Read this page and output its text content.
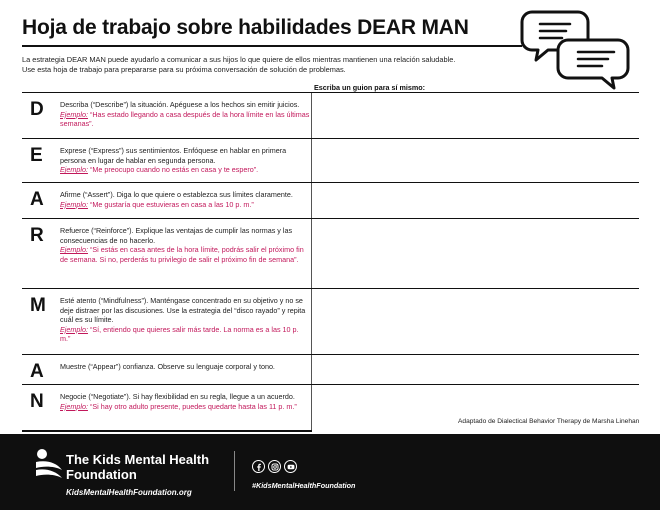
Hoja de trabajo sobre habilidades DEAR MAN
La estrategia DEAR MAN puede ayudarlo a comunicar a sus hijos lo que quiere de ellos mientras mantienen una relación saludable.
Use esta hoja de trabajo para prepararse para su próxima conversación de solución de problemas.
Escriba un guion para sí mismo:
D Describa (“Describe”) la situación. Apéguese a los hechos sin emitir juicios.
Ejemplo: “Has estado llegando a casa después de la hora límite en las últimas semanas”.
E Exprese (“Express”) sus sentimientos. Enfóquese en hablar en primera persona en lugar de hablar en segunda persona.
Ejemplo: “Me preocupo cuando no estás en casa y te espero”.
A Afirme (“Assert”). Diga lo que quiere o establezca sus límites claramente.
Ejemplo: “Me gustaría que estuvieras en casa a las 10 p. m.”
R Refuerce (“Reinforce”). Explique las ventajas de cumplir las normas y las consecuencias de no hacerlo.
Ejemplo: “Si estás en casa antes de la hora límite, podrás salir el próximo fin de semana. Si no, perderás tu privilegio de salir el próximo fin de semana”.
M Esté atento (“Mindfulness”). Manténgase concentrado en su objetivo y no se deje distraer por las discusiones. Use la estrategia del “disco rayado” y repita cuál es su límite.
Ejemplo: “Sí, entiendo que quieres salir más tarde. La norma es a las 10 p. m.”
A Muestre (“Appear”) confianza. Observe su lenguaje corporal y tono.
N Negocie (“Negotiate”). Si hay flexibilidad en su regla, llegue a un acuerdo.
Ejemplo: “Si hay otro adulto presente, puedes quedarte hasta las 11 p. m.”
Adaptado de Dialectical Behavior Therapy de Marsha Linehan
The Kids Mental Health
Foundation
KidsMentalHealthFoundation.org
#KidsMentalHealthFoundation
